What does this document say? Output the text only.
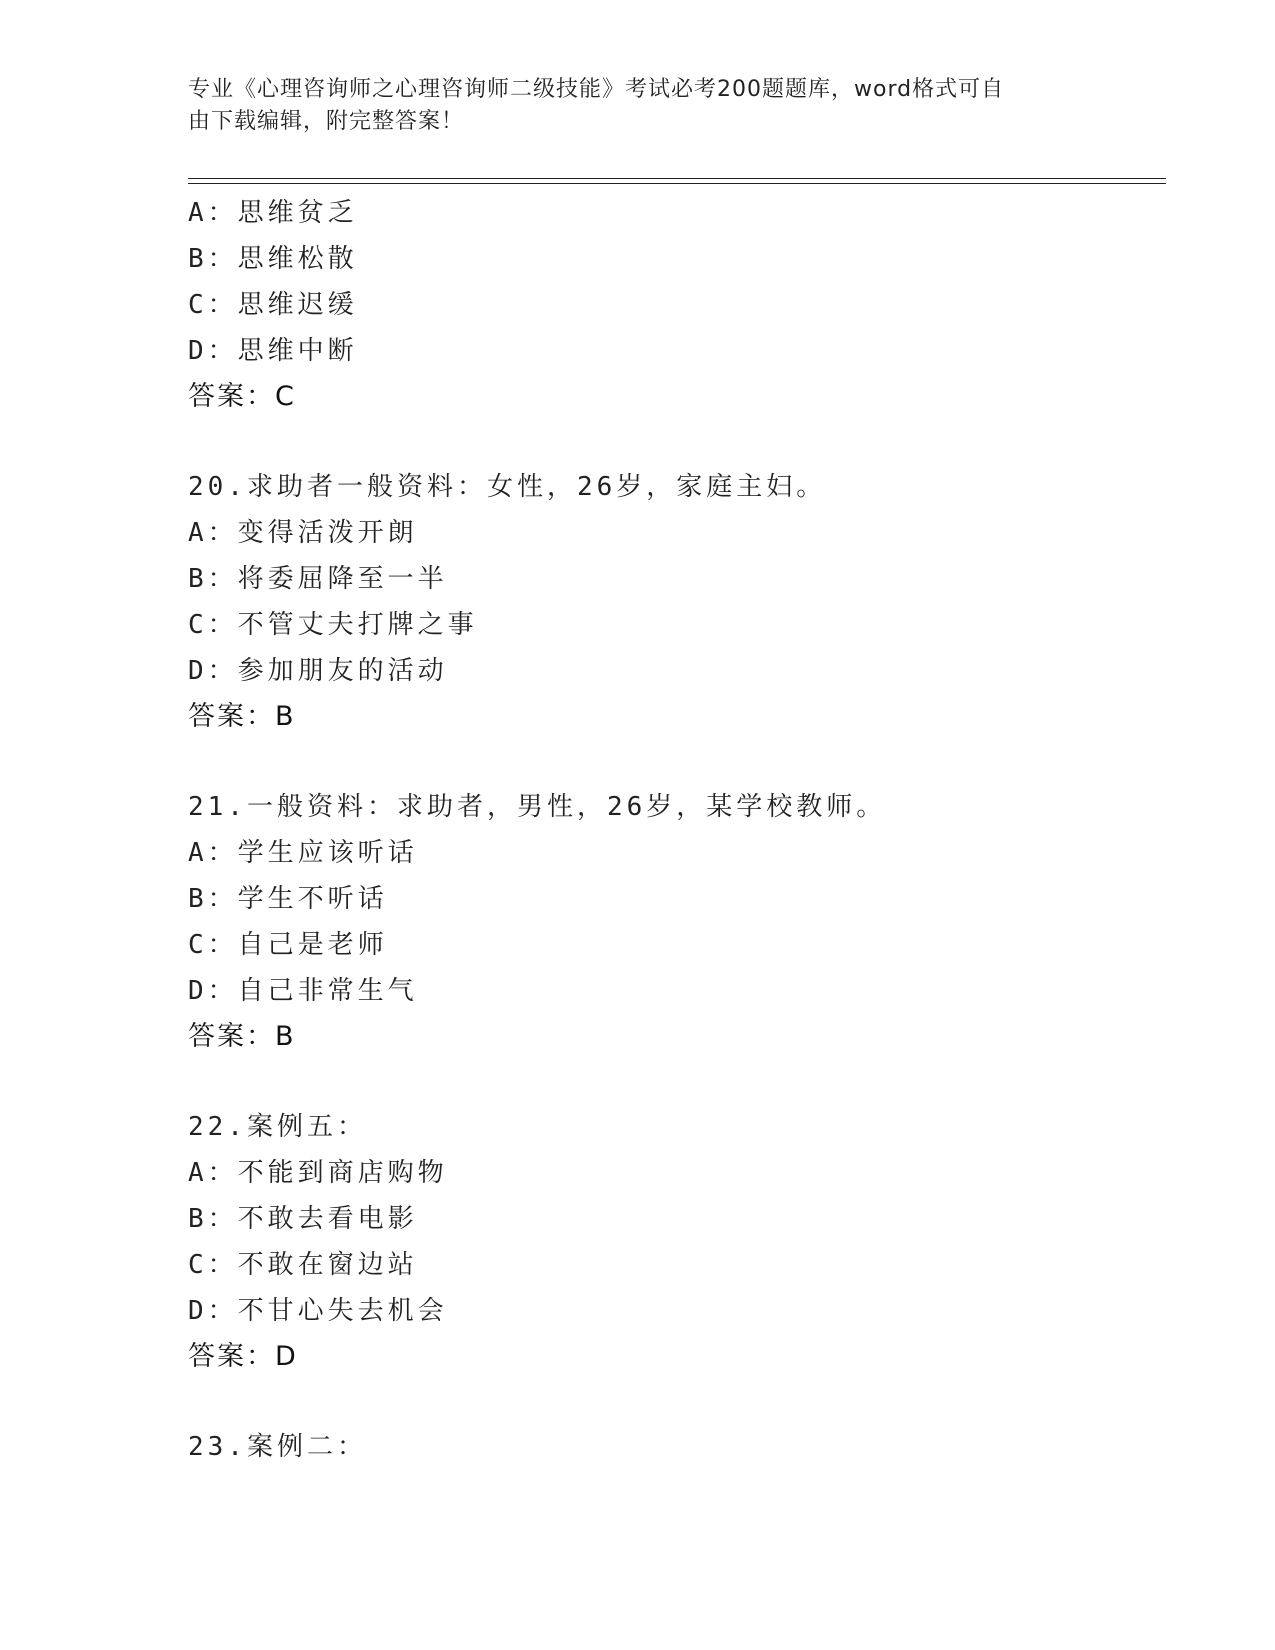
专业《心理咨询师之心理咨询师二级技能》考试必考200题题库，word格式可自
由下载编辑，附完整答案！
A：思维贫乏
B：思维松散
C：思维迟缓
D：思维中断
答案：C
20.求助者一般资料：女性，26岁，家庭主妇。
A：变得活泼开朗
B：将委屈降至一半
C：不管丈夫打牌之事
D：参加朋友的活动
答案：B
21.一般资料：求助者，男性，26岁，某学校教师。
A：学生应该听话
B：学生不听话
C：自己是老师
D：自己非常生气
答案：B
22.案例五：
A：不能到商店购物
B：不敢去看电影
C：不敢在窗边站
D：不甘心失去机会
答案：D
23.案例二：
